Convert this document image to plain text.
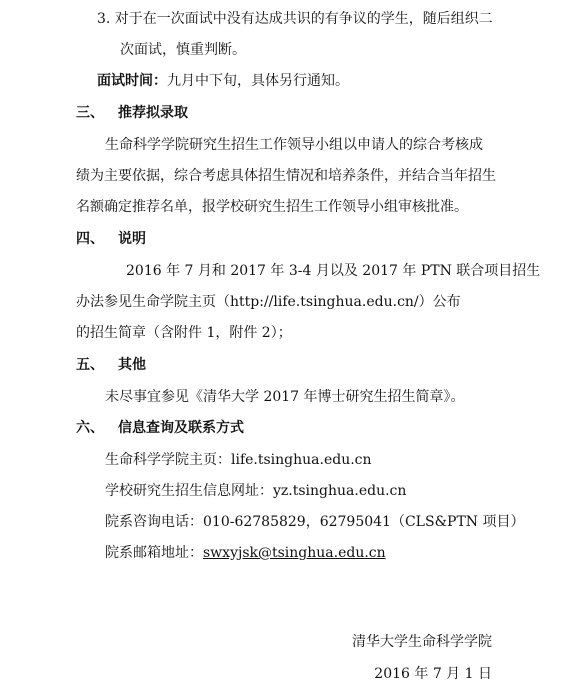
3. 对于在一次面试中没有达成共识的有争议的学生，随后组织二
次面试，慎重判断。
面试时间：九月中下旬，具体另行通知。
三、 推荐拟录取
生命科学学院研究生招生工作领导小组以申请人的综合考核成
绩为主要依据，综合考虑具体招生情况和培养条件，并结合当年招生
名额确定推荐名单，报学校研究生招生工作领导小组审核批准。
四、 说明
2016 年 7 月和 2017 年 3-4 月以及 2017 年 PTN 联合项目招生
办法参见生命学院主页（http://life.tsinghua.edu.cn/）公布
的招生简章（含附件 1，附件 2）；
五、 其他
未尽事宜参见《清华大学 2017 年博士研究生招生简章》。
六、 信息查询及联系方式
生命科学学院主页：life.tsinghua.edu.cn
学校研究生招生信息网址：yz.tsinghua.edu.cn
院系咨询电话：010-62785829，62795041（CLS&PTN 项目）
院系邮箱地址：swxyjsk@tsinghua.edu.cn
清华大学生命科学学院
2016 年 7 月 1 日
